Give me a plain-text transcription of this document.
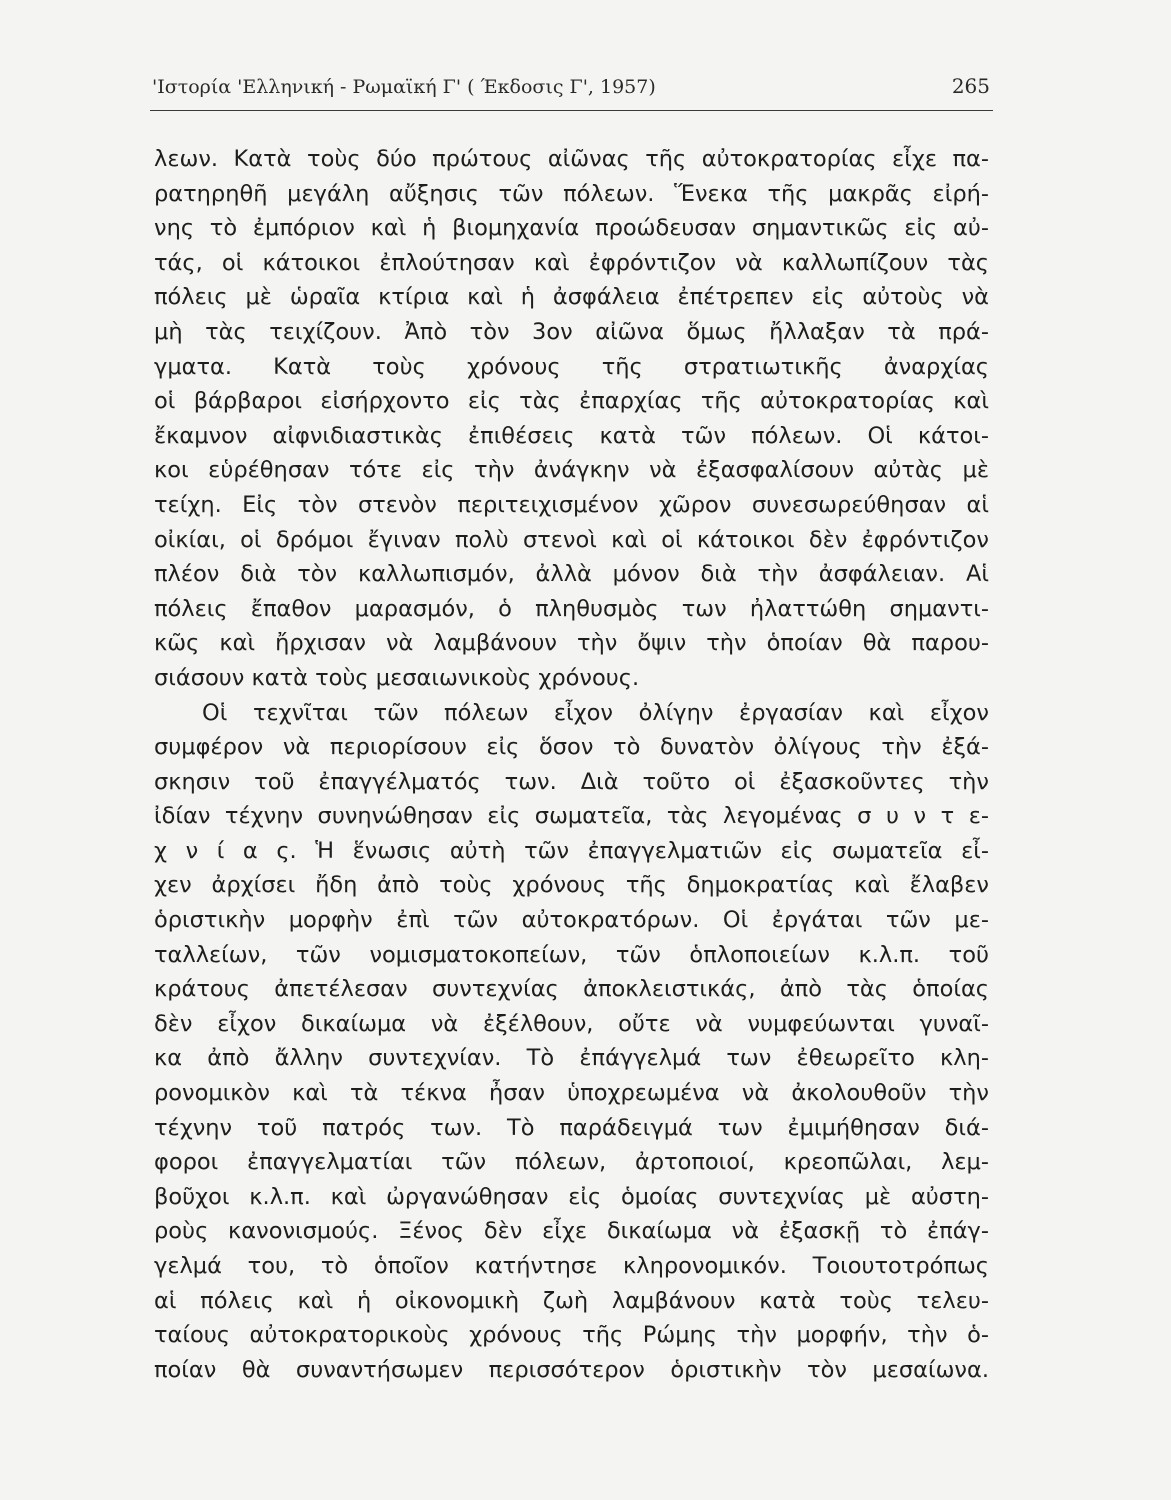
'Ιστορία 'Ελληνική - Ρωμαϊκή Γ' ( Έκδοσις Γ', 1957)	265
λεων. Κατὰ τοὺς δύο πρώτους αἰῶνας τῆς αὐτοκρατορίας εἶχε πα-
ρατηρηθῆ μεγάλη αὔξησις τῶν πόλεων. Ἕνεκα τῆς μακρᾶς εἰρή-
νης τὸ ἐμπόριον καὶ ἡ βιομηχανία προώδευσαν σημαντικῶς εἰς αὐ-
τάς, οἱ κάτοικοι ἐπλούτησαν καὶ ἐφρόντιζον νὰ καλλωπίζουν τὰς
πόλεις μὲ ὡραῖα κτίρια καὶ ἡ ἀσφάλεια ἐπέτρεπεν εἰς αὐτοὺς νὰ
μὴ τὰς τειχίζουν. Ἀπὸ τὸν 3ον αἰῶνα ὅμως ἤλλαξαν τὰ πρά-
γματα. Κατὰ τοὺς χρόνους τῆς στρατιωτικῆς ἀναρχίας
οἱ βάρβαροι εἰσήρχοντο εἰς τὰς ἐπαρχίας τῆς αὐτοκρατορίας καὶ
ἔκαμνον αἰφνιδιαστικὰς ἐπιθέσεις κατὰ τῶν πόλεων. Οἱ κάτοι-
κοι εὑρέθησαν τότε εἰς τὴν ἀνάγκην νὰ ἐξασφαλίσουν αὐτὰς μὲ
τείχη. Εἰς τὸν στενὸν περιτειχισμένον χῶρον συνεσωρεύθησαν αἱ
οἰκίαι, οἱ δρόμοι ἔγιναν πολὺ στενοὶ καὶ οἱ κάτοικοι δὲν ἐφρόντιζον
πλέον διὰ τὸν καλλωπισμόν, ἀλλὰ μόνον διὰ τὴν ἀσφάλειαν. Αἱ
πόλεις ἔπαθον μαρασμόν, ὁ πληθυσμὸς των ἠλαττώθη σημαντι-
κῶς καὶ ἤρχισαν νὰ λαμβάνουν τὴν ὄψιν τὴν ὁποίαν θὰ παρου-
σιάσουν κατὰ τοὺς μεσαιωνικοὺς χρόνους.
Οἱ τεχνῖται τῶν πόλεων εἶχον ὀλίγην ἐργασίαν καὶ εἶχον
συμφέρον νὰ περιορίσουν εἰς ὅσον τὸ δυνατὸν ὀλίγους τὴν ἐξά-
σκησιν τοῦ ἐπαγγέλματός των. Διὰ τοῦτο οἱ ἐξασκοῦντες τὴν
ἰδίαν τέχνην συνηνώθησαν εἰς σωματεῖα, τὰς λεγομένας σ υ ν τ ε-
χ ν ί α ς. Ἡ ἕνωσις αὐτὴ τῶν ἐπαγγελματιῶν εἰς σωματεῖα εἶ-
χεν ἀρχίσει ἤδη ἀπὸ τοὺς χρόνους τῆς δημοκρατίας καὶ ἔλαβεν
ὁριστικὴν μορφὴν ἐπὶ τῶν αὐτοκρατόρων. Οἱ ἐργάται τῶν με-
ταλλείων, τῶν νομισματοκοπείων, τῶν ὁπλοποιείων κ.λ.π. τοῦ
κράτους ἀπετέλεσαν συντεχνίας ἀποκλειστικάς, ἀπὸ τὰς ὁποίας
δὲν εἶχον δικαίωμα νὰ ἐξέλθουν, οὔτε νὰ νυμφεύωνται γυναῖ-
κα ἀπὸ ἄλλην συντεχνίαν. Τὸ ἐπάγγελμά των ἐθεωρεῖτο κλη-
ρονομικὸν καὶ τὰ τέκνα ἦσαν ὑποχρεωμένα νὰ ἀκολουθοῦν τὴν
τέχνην τοῦ πατρός των. Τὸ παράδειγμά των ἐμιμήθησαν διά-
φοροι ἐπαγγελματίαι τῶν πόλεων, ἀρτοποιοί, κρεοπῶλαι, λεμ-
βοῦχοι κ.λ.π. καὶ ὠργανώθησαν εἰς ὁμοίας συντεχνίας μὲ αὐστη-
ροὺς κανονισμούς. Ξένος δὲν εἶχε δικαίωμα νὰ ἐξασκῇ τὸ ἐπάγ-
γελμά του, τὸ ὁποῖον κατήντησε κληρονομικόν. Τοιουτοτρόπως
αἱ πόλεις καὶ ἡ οἰκονομικὴ ζωὴ λαμβάνουν κατὰ τοὺς τελευ-
ταίους αὐτοκρατορικοὺς χρόνους τῆς Ρώμης τὴν μορφήν, τὴν ὁ-
ποίαν θὰ συναντήσωμεν περισσότερον ὁριστικὴν τὸν μεσαίωνα.
